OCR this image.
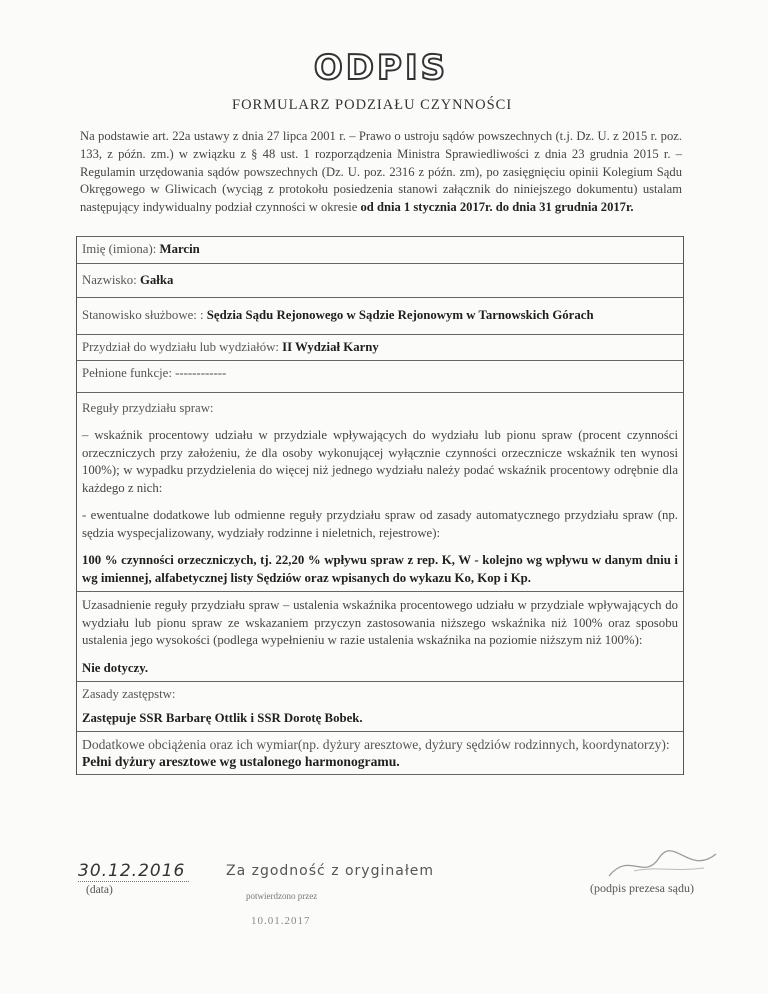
ODPIS
FORMULARZ PODZIAŁU CZYNNOŚCI
Na podstawie art. 22a ustawy z dnia 27 lipca 2001 r. – Prawo o ustroju sądów powszechnych (t.j. Dz. U. z 2015 r. poz. 133, z późn. zm.) w związku z § 48 ust. 1 rozporządzenia Ministra Sprawiedliwości z dnia 23 grudnia 2015 r. – Regulamin urzędowania sądów powszechnych (Dz. U. poz. 2316 z późn. zm), po zasięgnięciu opinii Kolegium Sądu Okręgowego w Gliwicach (wyciąg z protokołu posiedzenia stanowi załącznik do niniejszego dokumentu) ustalam następujący indywidualny podział czynności w okresie od dnia 1 stycznia 2017r. do dnia 31 grudnia 2017r.
Imię (imiona): Marcin
Nazwisko: Gałka
Stanowisko służbowe: : Sędzia Sądu Rejonowego w Sądzie Rejonowym w Tarnowskich Górach
Przydział do wydziału lub wydziałów: II Wydział Karny
Pełnione funkcje: ------------
Reguły przydziału spraw:

– wskaźnik procentowy udziału w przydziale wpływających do wydziału lub pionu spraw (procent czynności orzeczniczych przy założeniu, że dla osoby wykonującej wyłącznie czynności orzecznicze wskaźnik ten wynosi 100%); w wypadku przydzielenia do więcej niż jednego wydziału należy podać wskaźnik procentowy odrębnie dla każdego z nich:

- ewentualne dodatkowe lub odmienne reguły przydziału spraw od zasady automatycznego przydziału spraw (np. sędzia wyspecjalizowany, wydziały rodzinne i nieletnich, rejestrowe):

100 % czynności orzeczniczych, tj. 22,20 % wpływu spraw z rep. K, W - kolejno wg wpływu w danym dniu i wg imiennej, alfabetycznej listy Sędziów oraz wpisanych do wykazu Ko, Kop i Kp.

Uzasadnienie reguły przydziału spraw – ustalenia wskaźnika procentowego udziału w przydziale wpływających do wydziału lub pionu spraw ze wskazaniem przyczyn zastosowania niższego wskaźnika niż 100% oraz sposobu ustalenia jego wysokości (podlega wypełnieniu w razie ustalenia wskaźnika na poziomie niższym niż 100%):

Nie dotyczy.
Zasady zastępstw:
Zastępuje SSR Barbarę Ottlik i SSR Dorotę Bobek.
Dodatkowe obciążenia oraz ich wymiar(np. dyżury aresztowe, dyżury sędziów rodzinnych, koordynatorzy): Pełni dyżury aresztowe wg ustalonego harmonogramu.
30.12.2016
(data)
Za zgodność z oryginałem
potwierdzono przez
10.01.2017
(podpis prezesa sądu)
